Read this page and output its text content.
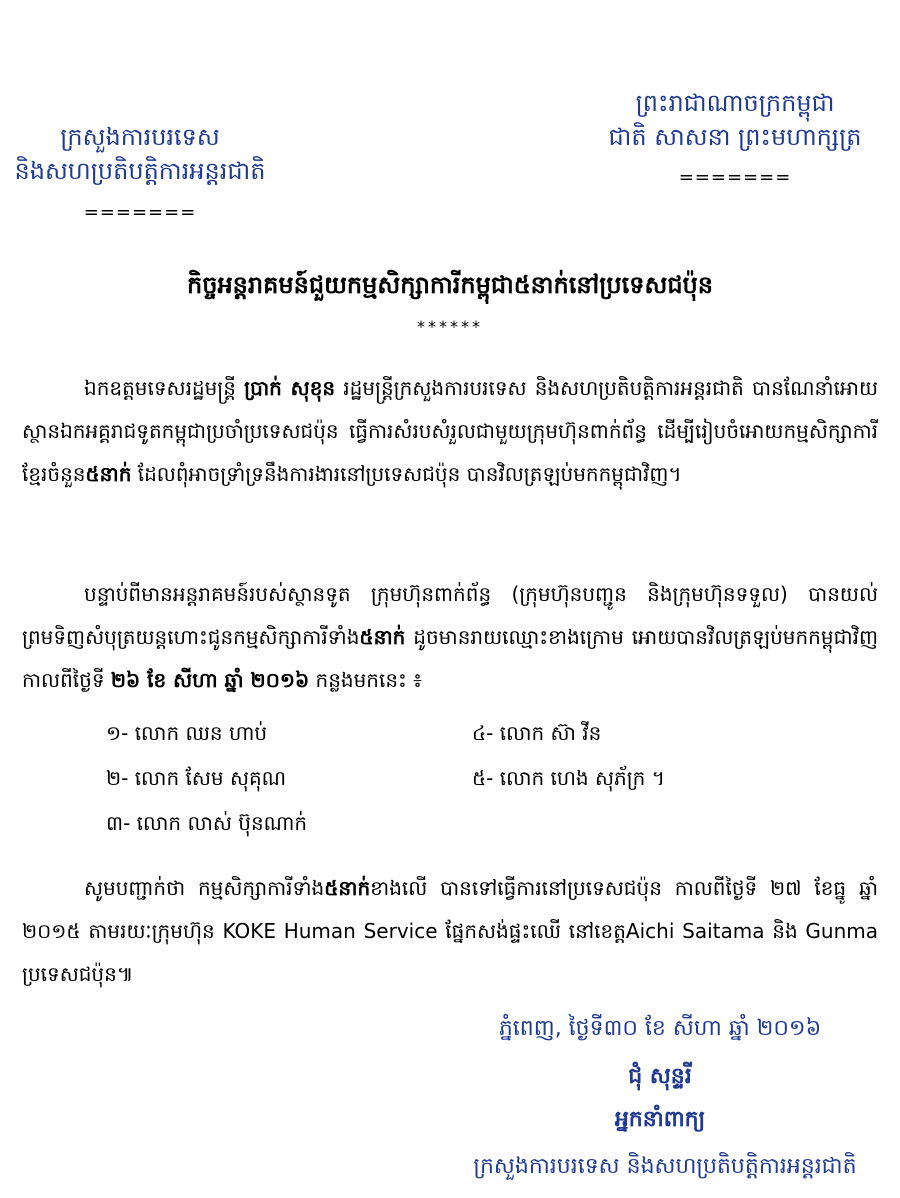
ក្រសួងការបរទេស
និងសហប្រតិបត្តិការអន្តរជាតិ
=======
ព្រះរាជាណាចក្រកម្ពុជា
ជាតិ សាសនា ព្រះមហាក្សត្រ
=======
កិច្ចអន្តរាគមន៍ជួយកម្មសិក្សាការីកម្ពុជា៥នាក់នៅប្រទេសជប៉ុន
******

ឯកឧត្តមទេសរដ្ឋមន្ត្រី ប្រាក់ សុខុន រដ្ឋមន្ត្រីក្រសួងការបរទេស និងសហប្រតិបត្តិការអន្តរជាតិ បានណែនាំអោយស្ថានឯកអគ្គរាជទូតកម្ពុជាប្រចាំប្រទេសជប៉ុន ធ្វើការសំរបសំរួលជាមួយក្រុមហ៊ុនពាក់ព័ន្ធ ដើម្បីរៀបចំអោយកម្មសិក្សាការីខ្មែរចំនួន៥នាក់ ដែលពុំអាចទ្រាំទ្រនឹងការងារនៅប្រទេសជប៉ុន បានវិលត្រឡប់មកកម្ពុជាវិញ។

បន្ទាប់ពីមានអន្តរាគមន៍របស់ស្ថានទូត ក្រុមហ៊ុនពាក់ព័ន្ធ (ក្រុមហ៊ុនបញ្ជូន និងក្រុមហ៊ុនទទួល) បានយល់ព្រមទិញសំបុត្រយន្តហោះជូនកម្មសិក្សាការីទាំង៥នាក់ ដូចមានរាយឈ្មោះខាងក្រោម អោយបានវិលត្រឡប់មកកម្ពុជាវិញ កាលពីថ្ងៃទី ២៦ ខែ សីហា ឆ្នាំ ២០១៦ កន្លងមកនេះ ៖

១- លោក ឈន ហាប់
២- លោក សែម សុគុណ
៣- លោក លាស់ ប៊ុនណាក់
៤- លោក ស៊ា វីន
៥- លោក ហេង សុភ័ក្រ ។

សូមបញ្ជាក់ថា កម្មសិក្សាការីទាំង៥នាក់ខាងលើ បានទៅធ្វើការនៅប្រទេសជប៉ុន កាលពីថ្ងៃទី ២៧ ខែធ្នូ ឆ្នាំ ២០១៥ តាមរយៈក្រុមហ៊ុន KOKE Human Service ផ្នែកសង់ផ្ទះឈើ នៅខេត្តAichi Saitama និង Gunma ប្រទេសជប៉ុន៕

ភ្នំពេញ, ថ្ងៃទី៣០ ខែ សីហា ឆ្នាំ ២០១៦
ជុំ សុន្ទរី
អ្នកនាំពាក្យ
ក្រសួងការបរទេស និងសហប្រតិបត្តិការអន្តរជាតិ
